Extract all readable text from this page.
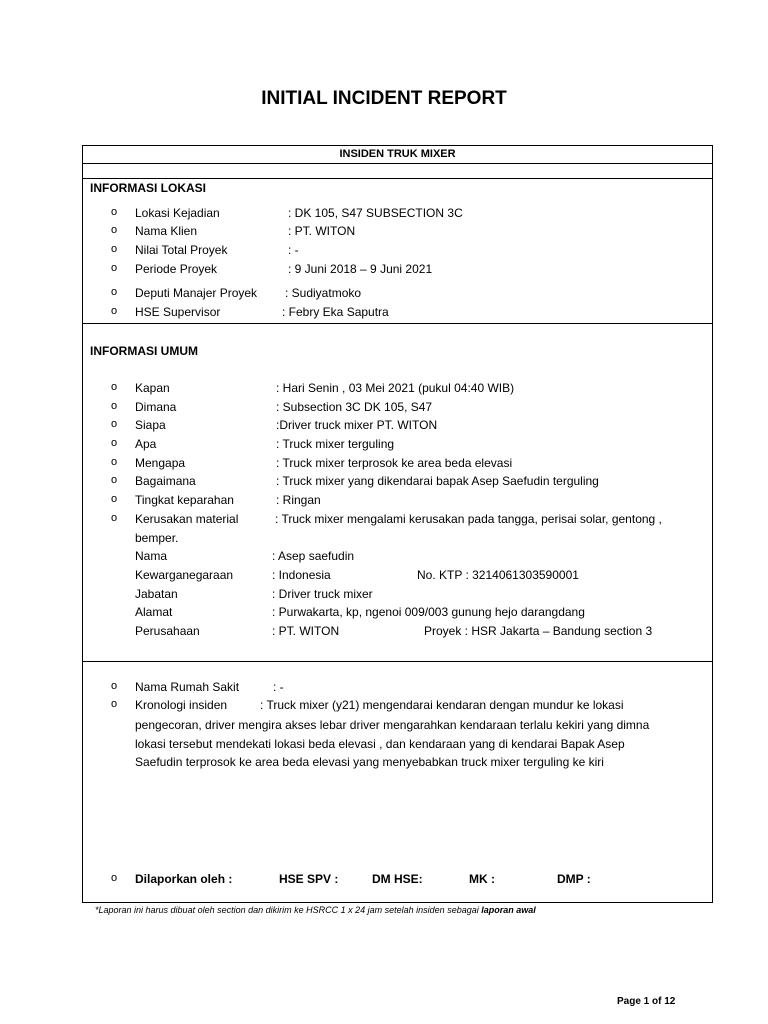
INITIAL INCIDENT REPORT
INSIDEN TRUK MIXER
INFORMASI LOKASI
o Lokasi Kejadian	: DK 105, S47 SUBSECTION 3C
o Nama Klien	: PT. WITON
o Nilai Total Proyek	: -
o Periode Proyek	: 9 Juni 2018 – 9 Juni 2021
o Deputi Manajer Proyek : Sudiyatmoko
o HSE Supervisor	: Febry Eka Saputra
INFORMASI UMUM
o Kapan	: Hari Senin , 03 Mei 2021 (pukul 04:40 WIB)
o Dimana	: Subsection 3C DK 105, S47
o Siapa	:Driver truck mixer PT. WITON
o Apa	: Truck mixer terguling
o Mengapa	: Truck mixer terprosok ke area beda elevasi
o Bagaimana	: Truck mixer yang dikendarai bapak Asep Saefudin terguling
o Tingkat keparahan	: Ringan
o Kerusakan material	: Truck mixer mengalami kerusakan pada tangga, perisai solar, gentong ,
bemper.
Nama	: Asep saefudin
Kewarganegaraan	: Indonesia	No. KTP : 3214061303590001
Jabatan	: Driver truck mixer
Alamat	: Purwakarta, kp, ngenoi 009/003 gunung hejo darangdang
Perusahaan	: PT. WITON	Proyek : HSR Jakarta – Bandung section 3
o Nama Rumah Sakit	: -
o Kronologi insiden	: Truck mixer (y21) mengendarai kendaran dengan mundur ke lokasi
pengecoran, driver mengira akses lebar driver mengarahkan kendaraan terlalu kekiri yang dimna
lokasi tersebut mendekati lokasi beda elevasi , dan kendaraan yang di kendarai Bapak Asep
Saefudin terprosok ke area beda elevasi yang menyebabkan truck mixer terguling ke kiri
o Dilaporkan oleh :	HSE SPV :	DM HSE:	MK :	DMP :
*Laporan ini harus dibuat oleh section dan dikirim ke HSRCC 1 x 24 jam setelah insiden sebagai laporan awal
Page 1 of 12
